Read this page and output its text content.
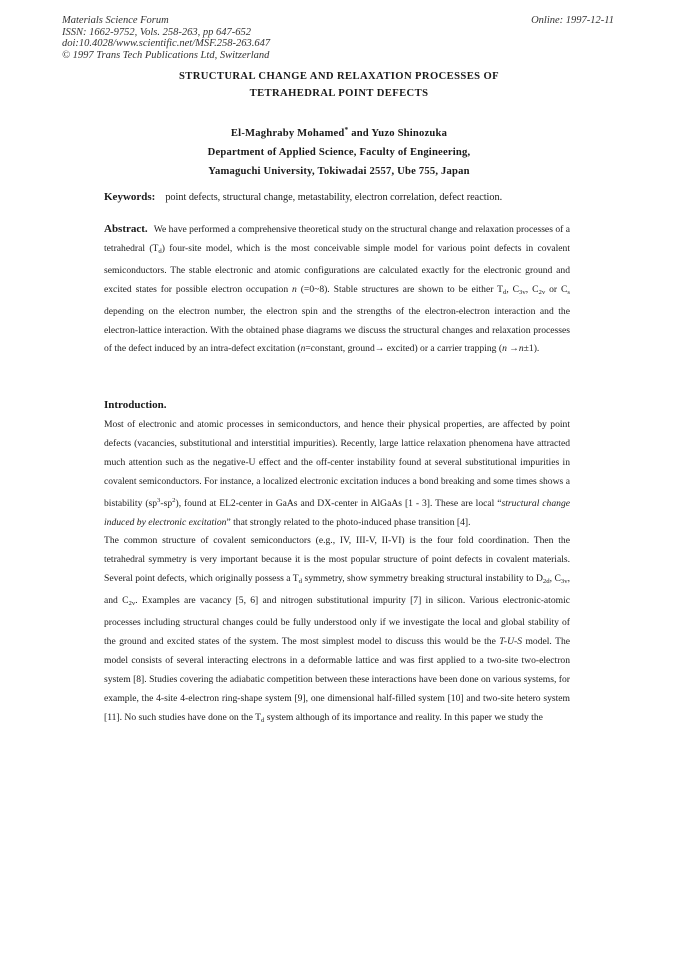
Materials Science Forum
ISSN: 1662-9752, Vols. 258-263, pp 647-652
doi:10.4028/www.scientific.net/MSF.258-263.647
© 1997 Trans Tech Publications Ltd, Switzerland
Online: 1997-12-11
STRUCTURAL CHANGE AND RELAXATION PROCESSES OF
TETRAHEDRAL POINT DEFECTS
El-Maghraby Mohamed* and Yuzo Shinozuka
Department of Applied Science, Faculty of Engineering,
Yamaguchi University, Tokiwadai 2557, Ube 755, Japan
Keywords: point defects, structural change, metastability, electron correlation, defect reaction.
Abstract. We have performed a comprehensive theoretical study on the structural change and relaxation processes of a tetrahedral $(T_d)$ four-site model, which is the most conceivable simple model for various point defects in covalent semiconductors. The stable electronic and atomic configurations are calculated exactly for the electronic ground and excited states for possible electron occupation n (=0~8). Stable structures are shown to be either $T_d$, $C_{3v}$, $C_{2v}$ or $C_s$ depending on the electron number, the electron spin and the strengths of the electron-electron interaction and the electron-lattice interaction. With the obtained phase diagrams we discuss the structural changes and relaxation processes of the defect induced by an intra-defect excitation (n=constant, ground→ excited) or a carrier trapping (n →n±1).
Introduction.
Most of electronic and atomic processes in semiconductors, and hence their physical properties, are affected by point defects (vacancies, substitutional and interstitial impurities). Recently, large lattice relaxation phenomena have attracted much attention such as the negative-U effect and the off-center instability found at several substitutional impurities in covalent semiconductors. For instance, a localized electronic excitation induces a bond breaking and some times shows a bistability $(sp^3-sp^2)$, found at EL2-center in GaAs and DX-center in AlGaAs [1 - 3]. These are local “structural change induced by electronic excitation” that strongly related to the photo-induced phase transition [4].
The common structure of covalent semiconductors (e.g., IV, III-V, II-VI) is the four fold coordination. Then the tetrahedral symmetry is very important because it is the most popular structure of point defects in covalent materials. Several point defects, which originally possess a $T_d$ symmetry, show symmetry breaking structural instability to $D_{2d}$, $C_{3v}$, and $C_{2v}$. Examples are vacancy [5, 6] and nitrogen substitutional impurity [7] in silicon. Various electronic-atomic processes including structural changes could be fully understood only if we investigate the local and global stability of the ground and excited states of the system. The most simplest model to discuss this would be the T-U-S model. The model consists of several interacting electrons in a deformable lattice and was first applied to a two-site two-electron system [8]. Studies covering the adiabatic competition between these interactions have been done on various systems, for example, the 4-site 4-electron ring-shape system [9], one dimensional half-filled system [10] and two-site hetero system [11]. No such studies have done on the $T_d$ system although of its importance and reality. In this paper we study the
